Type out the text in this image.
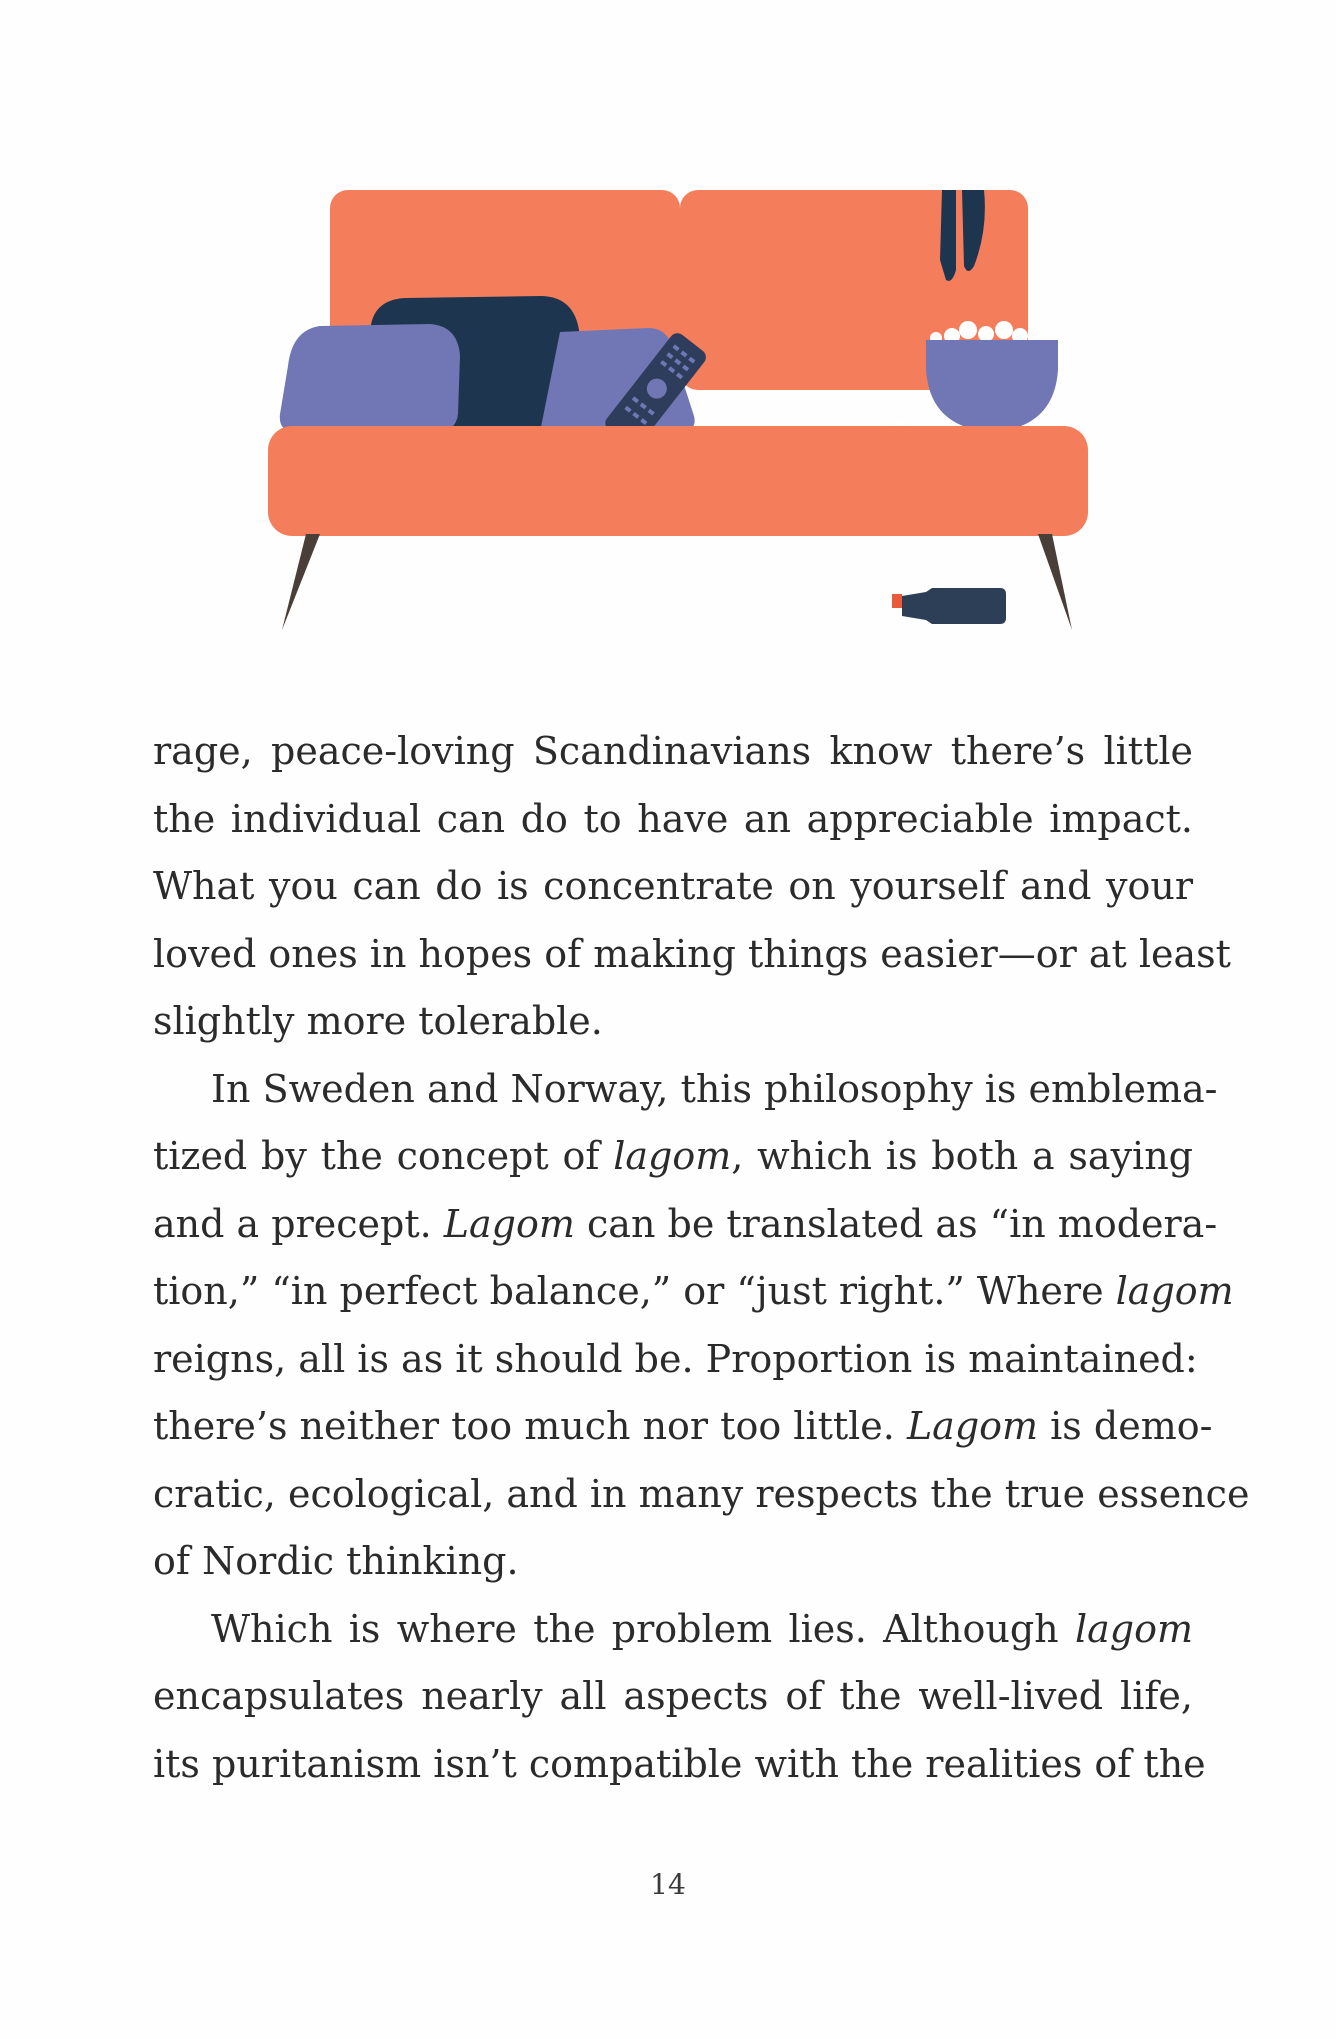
rage, peace-loving Scandinavians know there’s little
the individual can do to have an appreciable impact.
What you can do is concentrate on yourself and your
loved ones in hopes of making things easier—or at least
slightly more tolerable.
In Sweden and Norway, this philosophy is emblema-
tized by the concept of lagom, which is both a saying
and a precept. Lagom can be translated as “in modera-
tion,” “in perfect balance,” or “just right.” Where lagom
reigns, all is as it should be. Proportion is maintained:
there’s neither too much nor too little. Lagom is demo-
cratic, ecological, and in many respects the true essence
of Nordic thinking.
Which is where the problem lies. Although lagom
encapsulates nearly all aspects of the well-lived life,
its puritanism isn’t compatible with the realities of the
14
